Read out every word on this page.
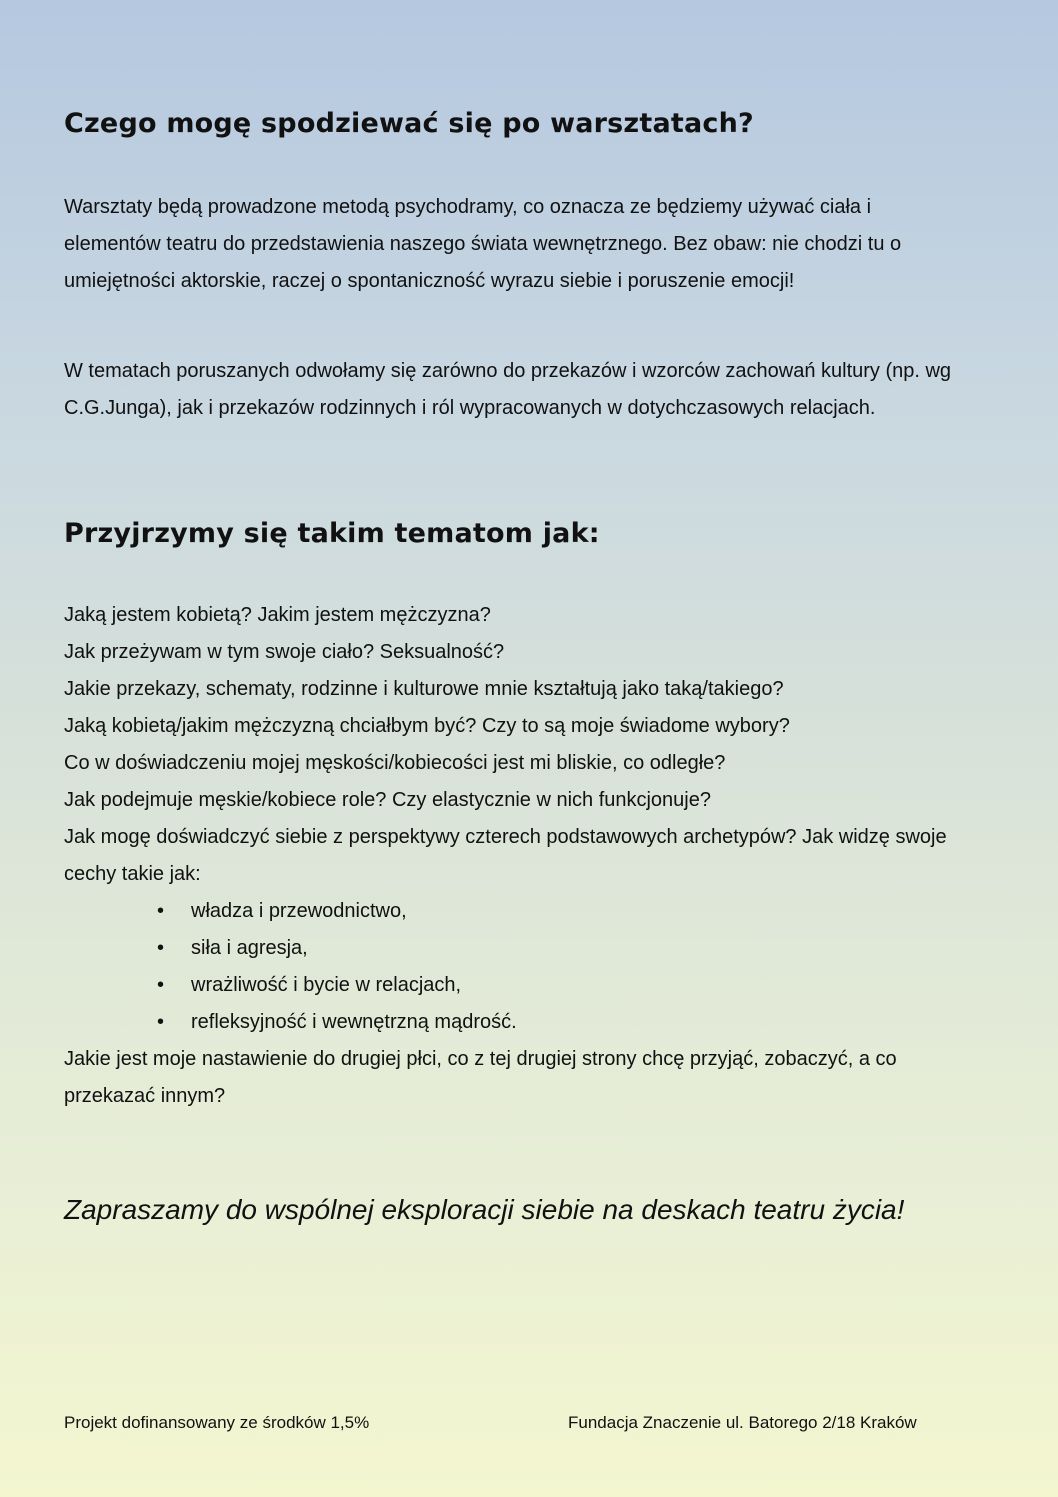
Czego mogę spodziewać się po warsztatach?

Warsztaty będą prowadzone metodą psychodramy, co oznacza ze będziemy używać ciała i elementów teatru do przedstawienia naszego świata wewnętrznego. Bez obaw: nie chodzi tu o umiejętności aktorskie, raczej o spontaniczność wyrazu siebie i poruszenie emocji!

W tematach poruszanych odwołamy się zarówno do przekazów i wzorców zachowań kultury (np. wg C.G.Junga), jak i przekazów rodzinnych i ról wypracowanych w dotychczasowych relacjach.

Przyjrzymy się takim tematom jak:
Jaką jestem kobietą? Jakim jestem mężczyzna?
Jak przeżywam w tym swoje ciało? Seksualność?
Jakie przekazy, schematy, rodzinne i kulturowe mnie kształtują jako taką/takiego?
Jaką kobietą/jakim mężczyzną chciałbym być? Czy to są moje świadome wybory?
Co w doświadczeniu mojej męskości/kobiecości jest mi bliskie, co odległe?
Jak podejmuje męskie/kobiece role? Czy elastycznie w nich funkcjonuje?
Jak mogę doświadczyć siebie z perspektywy czterech podstawowych archetypów? Jak widzę swoje cechy takie jak:
• władza i przewodnictwo,
• siła i agresja,
• wrażliwość i bycie w relacjach,
• refleksyjność i wewnętrzną mądrość.
Jakie jest moje nastawienie do drugiej płci, co z tej drugiej strony chcę przyjąć, zobaczyć, a co przekazać innym?
Zapraszamy do wspólnej eksploracji siebie na deskach teatru życia!
Projekt dofinansowany ze środków 1,5%	Fundacja Znaczenie ul. Batorego 2/18 Kraków
